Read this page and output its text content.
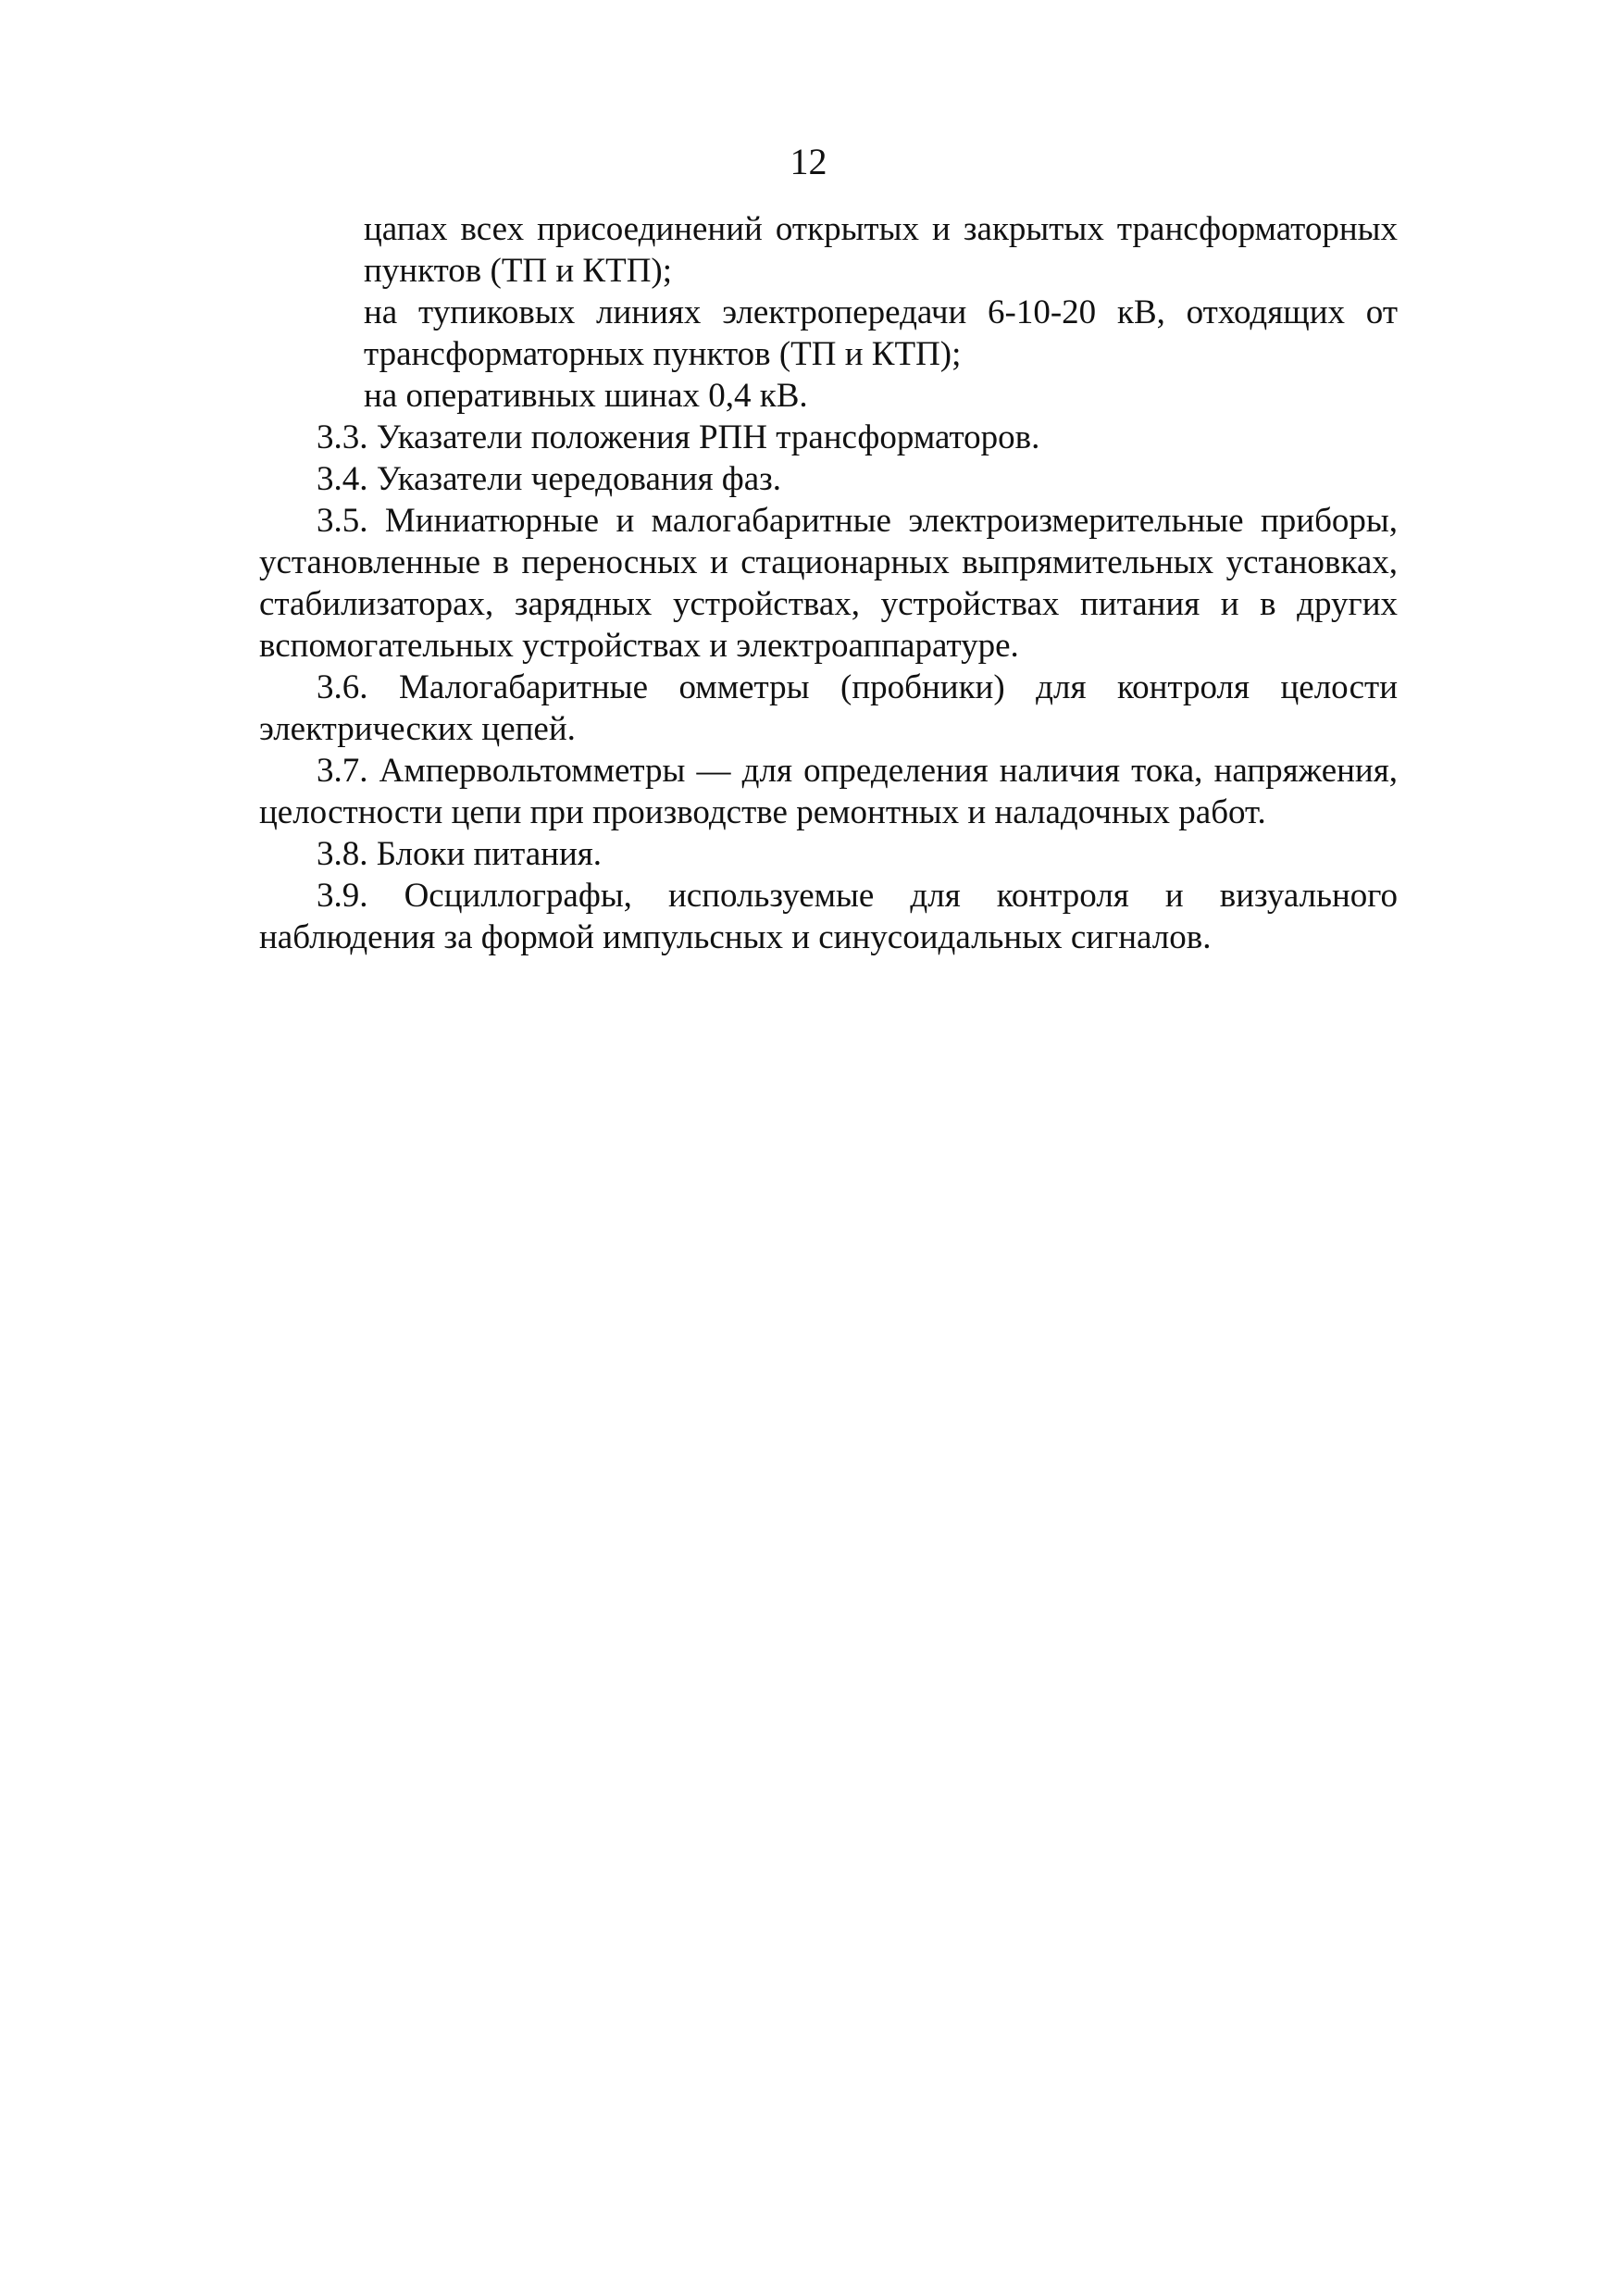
12

цапах всех присоединений открытых и закрытых трансформаторных пунктов (ТП и КТП);

на тупиковых линиях электропередачи 6-10-20 кВ, отходящих от трансформаторных пунктов (ТП и КТП);

на оперативных шинах 0,4 кВ.

3.3. Указатели положения РПН трансформаторов.

3.4. Указатели чередования фаз.

3.5. Миниатюрные и малогабаритные электроизмерительные приборы, установленные в переносных и стационарных выпрямительных установках, стабилизаторах, зарядных устройствах, устройствах питания и в других вспомогательных устройствах и электроаппаратуре.

3.6. Малогабаритные омметры (пробники) для контроля целости электрических цепей.

3.7. Ампервольтомметры — для определения наличия тока, напряжения, целостности цепи при производстве ремонтных и наладочных работ.

3.8. Блоки питания.

3.9. Осциллографы, используемые для контроля и визуального наблюдения за формой импульсных и синусоидальных сигналов.
